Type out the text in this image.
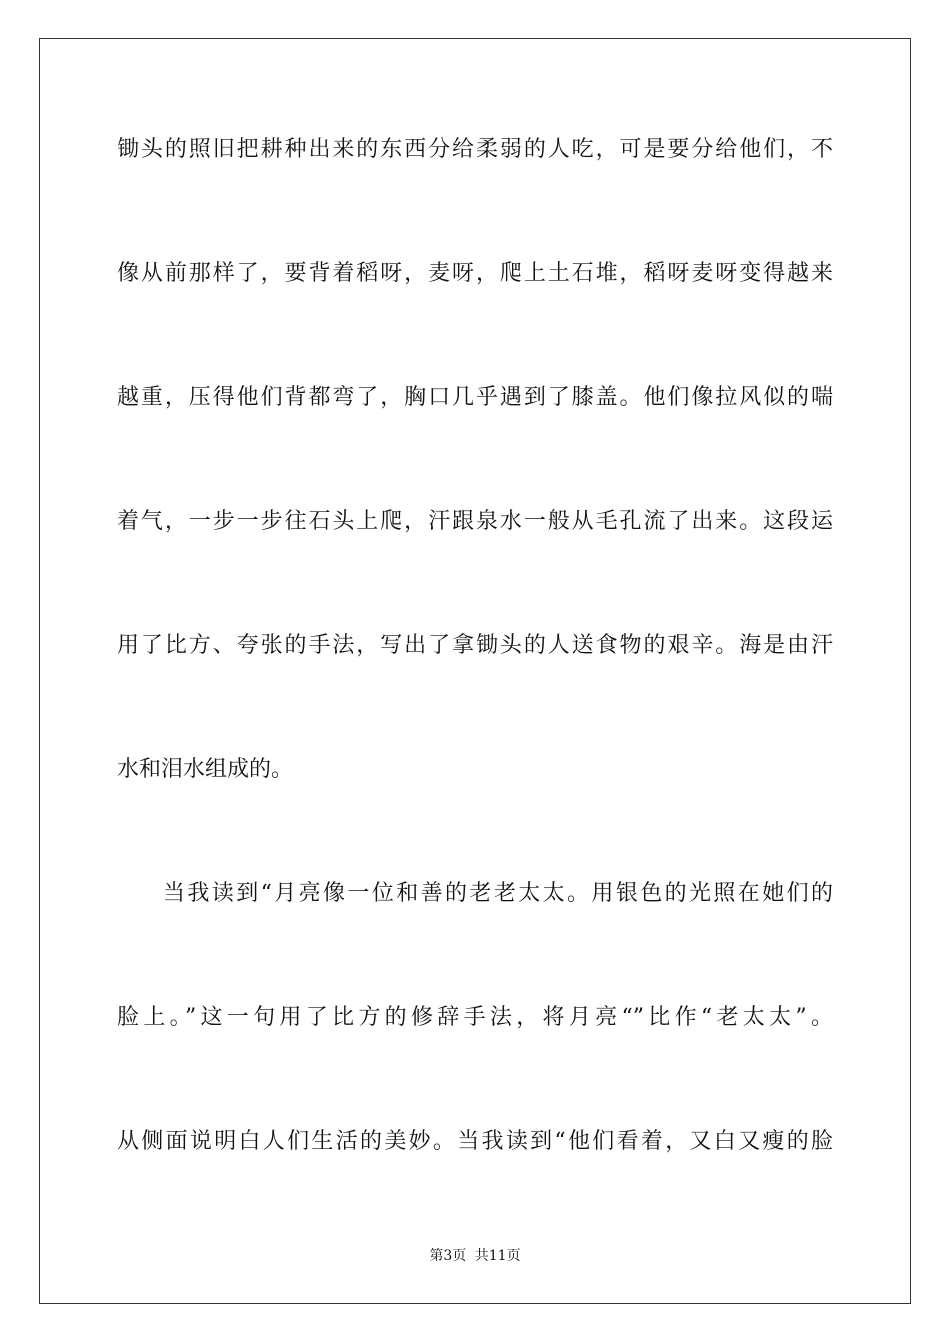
锄头的照旧把耕种出来的东西分给柔弱的人吃，可是要分给他们，不
像从前那样了，要背着稻呀，麦呀，爬上土石堆，稻呀麦呀变得越来
越重，压得他们背都弯了，胸口几乎遇到了膝盖。他们像拉风似的喘
着气，一步一步往石头上爬，汗跟泉水一般从毛孔流了出来。这段运
用了比方、夸张的手法，写出了拿锄头的人送食物的艰辛。海是由汗
水和泪水组成的。
当我读到“月亮像一位和善的老老太太。用银色的光照在她们的
脸上。”这一句用了比方的修辞手法，将月亮“”比作“老太太”。
从侧面说明白人们生活的美妙。当我读到“他们看着，又白又瘦的脸
第3页 共11页
